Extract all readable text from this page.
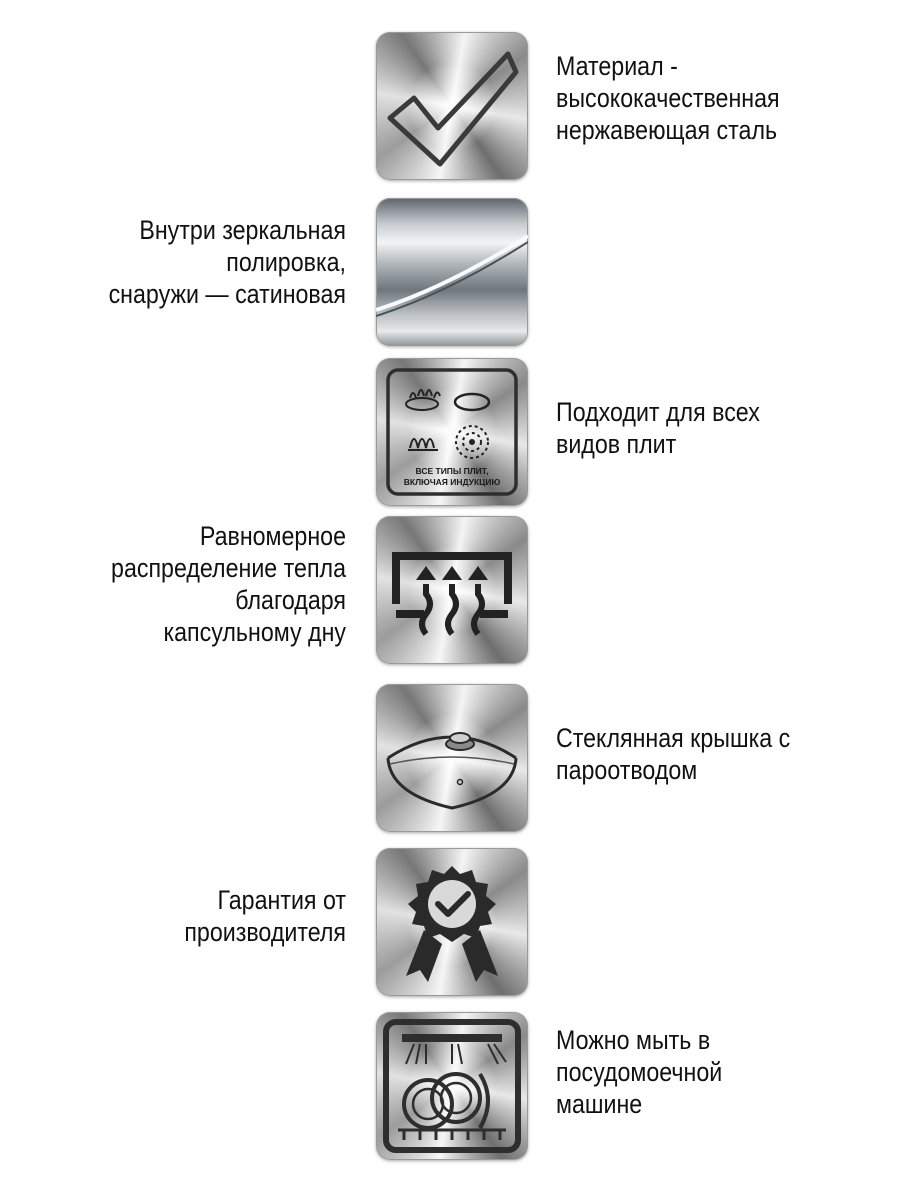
Материал -
высококачественная
нержавеющая сталь
Внутри зеркальная
полировка,
снаружи — сатиновая
ВСЕ ТИПЫ ПЛИТ,
ВКЛЮЧАЯ ИНДУКЦИЮ
Подходит для всех
видов плит
Равномерное
распределение тепла
благодаря
капсульному дну
Стеклянная крышка с
пароотводом
Гарантия от
производителя
Можно мыть в
посудомоечной
машине
